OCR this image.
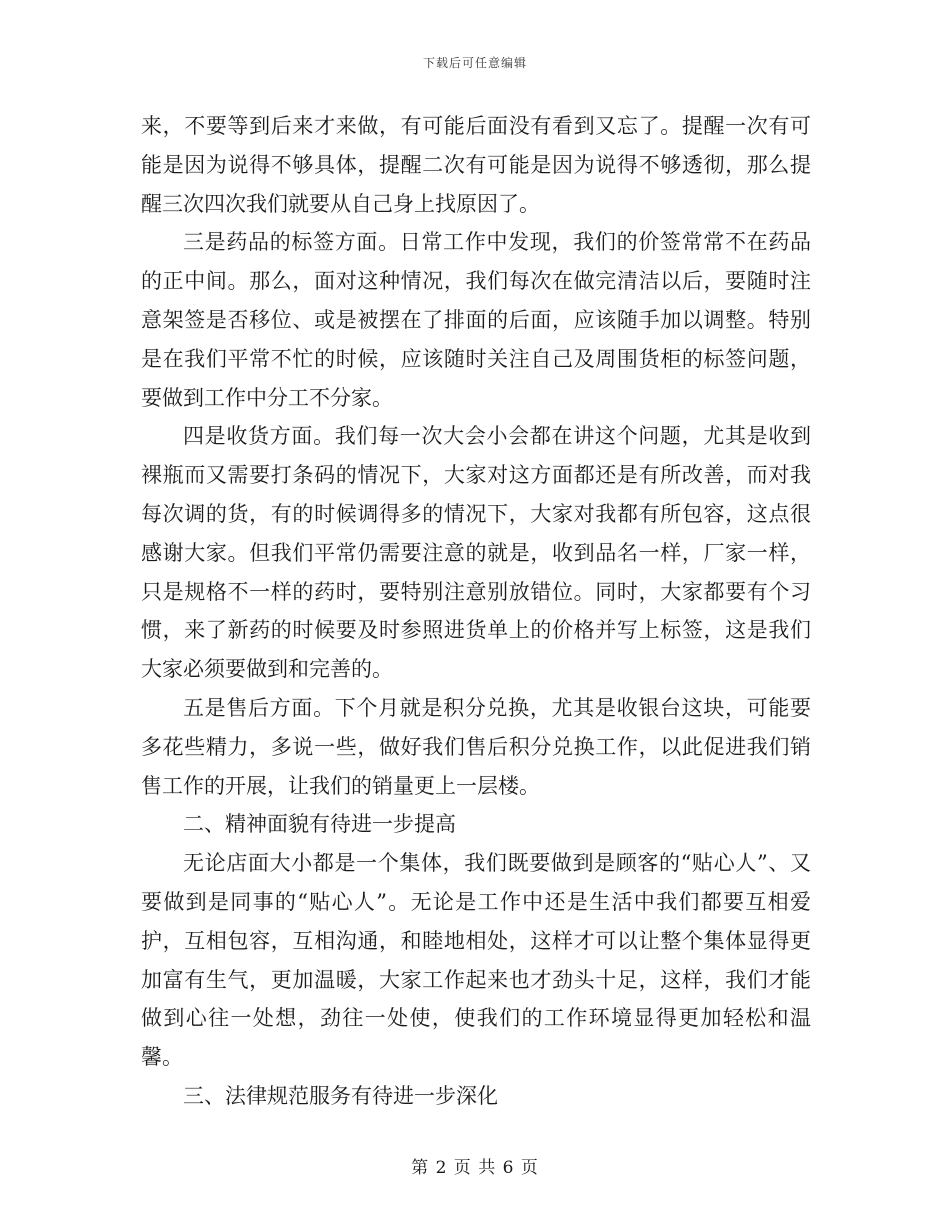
下载后可任意编辑

来，不要等到后来才来做，有可能后面没有看到又忘了。提醒一次有可能是因为说得不够具体，提醒二次有可能是因为说得不够透彻，那么提醒三次四次我们就要从自己身上找原因了。

三是药品的标签方面。日常工作中发现，我们的价签常常不在药品的正中间。那么，面对这种情况，我们每次在做完清洁以后，要随时注意架签是否移位、或是被摆在了排面的后面，应该随手加以调整。特别是在我们平常不忙的时候，应该随时关注自己及周围货柜的标签问题，要做到工作中分工不分家。

四是收货方面。我们每一次大会小会都在讲这个问题，尤其是收到裸瓶而又需要打条码的情况下，大家对这方面都还是有所改善，而对我每次调的货，有的时候调得多的情况下，大家对我都有所包容，这点很感谢大家。但我们平常仍需要注意的就是，收到品名一样，厂家一样，只是规格不一样的药时，要特别注意别放错位。同时，大家都要有个习惯，来了新药的时候要及时参照进货单上的价格并写上标签，这是我们大家必须要做到和完善的。

五是售后方面。下个月就是积分兑换，尤其是收银台这块，可能要多花些精力，多说一些，做好我们售后积分兑换工作，以此促进我们销售工作的开展，让我们的销量更上一层楼。

二、精神面貌有待进一步提高

无论店面大小都是一个集体，我们既要做到是顾客的“贴心人”、又要做到是同事的“贴心人”。无论是工作中还是生活中我们都要互相爱护，互相包容，互相沟通，和睦地相处，这样才可以让整个集体显得更加富有生气，更加温暖，大家工作起来也才劲头十足，这样，我们才能做到心往一处想，劲往一处使，使我们的工作环境显得更加轻松和温馨。

三、法律规范服务有待进一步深化

第 2 页 共 6 页
